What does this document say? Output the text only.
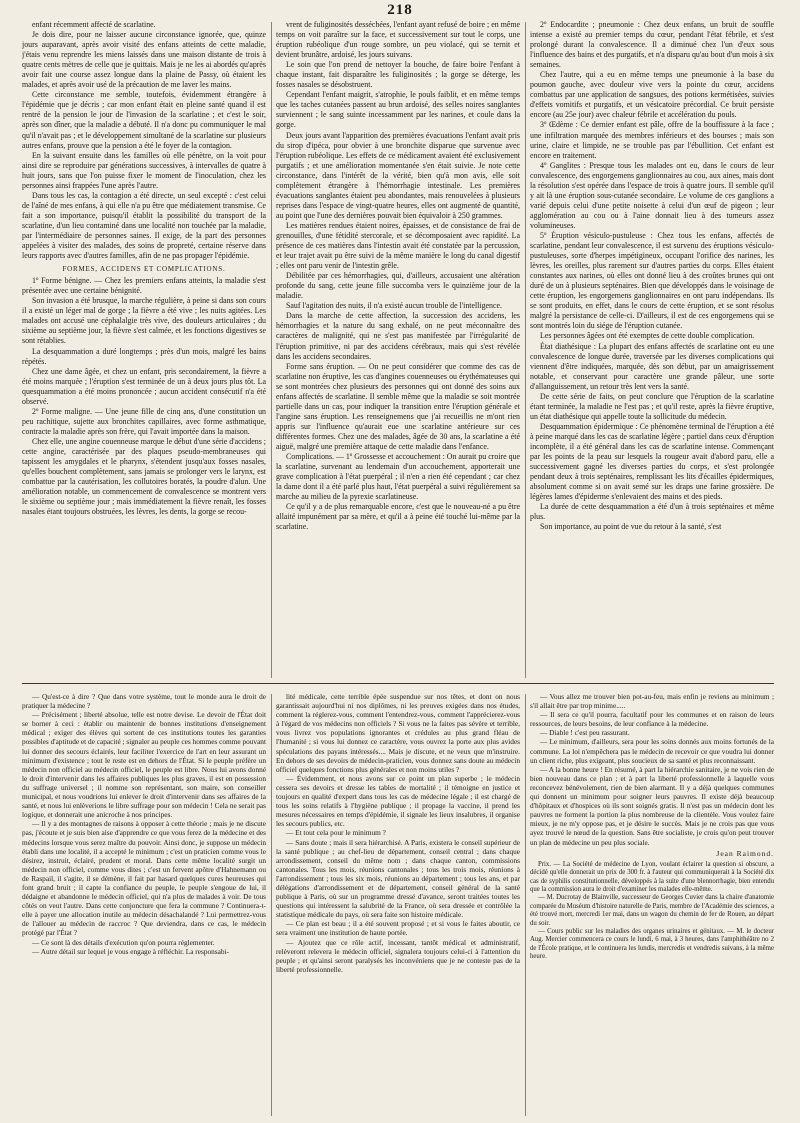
218

enfant récemment affecté de scarlatine.

Je dois dire, pour ne laisser aucune circonstance ignorée, que, quinze jours auparavant, après avoir visité des enfans atteints de cette maladie, j'étais venu reprendre les miens laissés dans une maison distante de trois à quatre cents mètres de celle que je quittais. Mais je ne les ai abordés qu'après avoir fait une course assez longue dans la plaine de Passy, où étaient les malades, et après avoir usé de la précaution de me laver les mains.

Cette circonstance me semble, toutefois, évidemment étrangère à l'épidémie que je décris ; car mon enfant était en pleine santé quand il est rentré de la pension le jour de l'invasion de la scarlatine ; et c'est le soir, après son dîner, que la maladie a débuté. Il n'a donc pu communiquer le mal qu'il n'avait pas ; et le développement simultané de la scarlatine sur plusieurs autres enfans, prouve que la pension a été le foyer de la contagion.

En la suivant ensuite dans les familles où elle pénètre, on la voit pour ainsi dire se reproduire par générations successives, à intervalles de quatre à huit jours, sans que l'on puisse fixer le moment de l'inoculation, chez les personnes ainsi frappées l'une après l'autre.

Dans tous les cas, la contagion a été directe, un seul excepté : c'est celui de l'aîné de mes enfans, à qui elle n'a pu être que médiatement transmise. Ce fait a son importance, puisqu'il établit la possibilité du transport de la scarlatine, d'un lieu contaminé dans une localité non touchée par la maladie, par l'intermédiaire de personnes saines. Il exige, de la part des personnes appelées à visiter des malades, des soins de propreté, certaine réserve dans leurs rapports avec d'autres familles, afin de ne pas propager l'épidémie.

FORMES, ACCIDENS ET COMPLICATIONS.

1º Forme bénigne. — Chez les premiers enfans atteints, la maladie s'est présentée avec une certaine bénignité.

Son invasion a été brusque, la marche régulière, à peine si dans son cours il a existé un léger mal de gorge ; la fièvre a été vive ; les nuits agitées. Les malades ont accusé une céphalalgie très vive, des douleurs articulaires ; du sixième au septième jour, la fièvre s'est calmée, et les fonctions digestives se sont rétablies.

La desquammation a duré longtemps ; près d'un mois, malgré les bains répétés.

Chez une dame âgée, et chez un enfant, pris secondairement, la fièvre a été moins marquée ; l'éruption s'est terminée de un à deux jours plus tôt. La quesquammation a été moins prononcée ; aucun accident consécutif n'a été observé.

2º Forme maligne. — Une jeune fille de cinq ans, d'une constitution un peu rachitique, sujette aux bronchites capillaires, avec forme asthmatique, contracte la maladie après son frère, qui l'avait importée dans la maison.

Chez elle, une angine couenneuse marque le début d'une série d'accidens ; cette angine, caractérisée par des plaques pseudo-membraneuses qui tapissent les amygdales et le pharynx, s'étendent jusqu'aux fosses nasales, qu'elles bouchent complètement, sans jamais se prolonger vers le larynx, est combattue par la cautérisation, les collutoires boratés, la poudre d'alun. Une amélioration notable, un commencement de convalescence se montrent vers le sixième ou septième jour ; mais immédiatement la fièvre renaît, les fosses nasales étant toujours obstruées, les lèvres, les dents, la gorge se recou-

vrent de fuliginosités desséchées, l'enfant ayant refusé de boire ; en même temps on voit paraître sur la face, et successivement sur tout le corps, une éruption rubéolique d'un rouge sombre, un peu violacé, qui se ternit et devient brunâtre, ardoisé, les jours suivans.

Le soin que l'on prend de nettoyer la bouche, de faire boire l'enfant à chaque instant, fait disparaître les fuliginosités ; la gorge se déterge, les fosses nasales se désobstruent.

Cependant l'enfant maigrit, s'atrophie, le pouls faiblit, et en même temps que les taches cutanées passent au brun ardoisé, des selles noires sanglantes surviennent ; le sang suinte incessamment par les narines, et coule dans la gorge.

Deux jours avant l'apparition des premières évacuations l'enfant avait pris du sirop d'ipéca, pour obvier à une bronchite disparue que survenue avec l'éruption rubéolique. Les effets de ce médicament avaient été exclusivement purgatifs ; et une amélioration momentanée s'en était suivie. Je note cette circonstance, dans l'intérêt de la vérité, bien qu'à mon avis, elle soit complètement étrangère à l'hémorrhagie intestinale. Les premières évacuations sanglantes étaient peu abondantes, mais renouvelées à plusieurs reprises dans l'espace de vingt-quatre heures, elles ont augmenté de quantité, au point que l'une des dernières pouvait bien équivaloir à 250 grammes.

Les matières rendues étaient noires, épaisses, et de consistance de frai de grenouilles, d'une fétidité stercorale, et se décomposaient avec rapidité. La présence de ces matières dans l'intestin avait été constatée par la percussion, et leur trajet avait pu être suivi de la même manière le long du canal digestif ; elles ont paru venir de l'intestin grêle.

Débilitée par ces hémorrhagies, qui, d'ailleurs, accusaient une altération profonde du sang, cette jeune fille succomba vers le quinzième jour de la maladie.

Sauf l'agitation des nuits, il n'a existé aucun trouble de l'intelligence.

Dans la marche de cette affection, la succession des accidens, les hémorrhagies et la nature du sang exhalé, on ne peut méconnaître des caractères de malignité, qui ne s'est pas manifestée par l'irrégularité de l'éruption primitive, ni par des accidens cérébraux, mais qui s'est révélée dans les accidens secondaires.

Forme sans éruption. — On ne peut considérer que comme des cas de scarlatine non éruptive, les cas d'angines couenneuses ou érythémateuses qui se sont montrées chez plusieurs des personnes qui ont donné des soins aux enfans affectés de scarlatine. Il semble même que la maladie se soit montrée partielle dans un cas, pour indiquer la transition entre l'éruption générale et l'angine sans éruption. Les renseignemens que j'ai recueillis ne m'ont rien appris sur l'influence qu'aurait eue une scarlatine antérieure sur ces différentes formes. Chez une des malades, âgée de 30 ans, la scarlatine a été aiguë, malgré une première attaque de cette maladie dans l'enfance.

Complications. — 1º Grossesse et accouchement : On aurait pu croire que la scarlatine, survenant au lendemain d'un accouchement, apporterait une grave complication à l'état puerpéral ; il n'en a rien été cependant ; car chez la dame dont il a été parlé plus haut, l'état puerpéral a suivi régulièrement sa marche au milieu de la pyrexie scarlatineuse.

Ce qu'il y a de plus remarquable encore, c'est que le nouveau-né a pu être allaité impunément par sa mère, et qu'il a à peine été touché lui-même par la scarlatine.

2º Endocardite ; pneumonie : Chez deux enfans, un bruit de souffle intense a existé au premier temps du cœur, pendant l'état fébrile, et s'est prolongé durant la convalescence. Il a diminué chez l'un d'eux sous l'influence des bains et des purgatifs, et n'a disparu qu'au bout d'un mois à six semaines.

Chez l'autre, qui a eu en même temps une pneumonie à la base du poumon gauche, avec douleur vive vers la pointe du cœur, accidens combattus par une application de sangsues, des potions kermétisées, suivies d'effets vomitifs et purgatifs, et un vésicatoire précordial. Ce bruit persiste encore (au 25e jour) avec chaleur fébrile et accélération du pouls.

3º Œdème : Ce dernier enfant est pâle, offre de la bouffissure à la face ; une infiltration marquée des membres inférieurs et des bourses ; mais son urine, claire et limpide, ne se trouble pas par l'ébullition. Cet enfant est encore en traitement.

4º Ganglites : Presque tous les malades ont eu, dans le cours de leur convalescence, des engorgemens ganglionnaires au cou, aux aines, mais dont la résolution s'est opérée dans l'espace de trois à quatre jours. Il semble qu'il y ait là une éruption sous-cutanée secondaire. Le volume de ces ganglions a varié depuis celui d'une petite noisette à celui d'un œuf de pigeon ; leur agglomération au cou ou à l'aine donnait lieu à des tumeurs assez volumineuses.

5º Éruption vésiculo-pustuleuse : Chez tous les enfans, affectés de scarlatine, pendant leur convalescence, il est survenu des éruptions vésiculo-pustuleuses, sorte d'herpes impétigineux, occupant l'orifice des narines, les lèvres, les oreilles, plus rarement sur d'autres parties du corps. Elles étaient constantes aux narines, où elles ont donné lieu à des croûtes brunes qui ont duré de un à plusieurs septénaires. Bien que développés dans le voisinage de cette éruption, les engorgemens ganglionnaires en ont paru indépendans. Ils se sont produits, en effet, dans le cours de cette éruption, et se sont résolus malgré la persistance de celle-ci. D'ailleurs, il est de ces engorgemens qui se sont montrés loin du siége de l'éruption cutanée.

Les personnes âgées ont été exemptes de cette double complication.

État diathésique : La plupart des enfans affectés de scarlatine ont eu une convalescence de longue durée, traversée par les diverses complications qui viennent d'être indiquées, marquée, dès son début, par un amaigrissement notable, et conservant pour caractère une grande pâleur, une sorte d'allanguissement, un retour très lent vers la santé.

De cette série de faits, on peut conclure que l'éruption de la scarlatine étant terminée, la maladie ne l'est pas ; et qu'il reste, après la fièvre éruptive, un état diathésique qui appelle toute la sollicitude du médecin.

Desquammation épidermique : Ce phénomène terminal de l'éruption a été à peine marqué dans les cas de scarlatine légère ; partiel dans ceux d'éruption incomplète, il a été général dans les cas de scarlatine intense. Commençant par les points de la peau sur lesquels la rougeur avait d'abord paru, elle a successivement gagné les diverses parties du corps, et s'est prolongée pendant deux à trois septénaires, remplissant les lits d'écailles épidermiques, absolument comme si on avait semé sur les draps une farine grossière. De légères lames d'épiderme s'enlevaient des mains et des pieds.

La durée de cette desquammation a été d'un à trois septénaires et même plus.

Son importance, au point de vue du retour à la santé, s'est

— Qu'est-ce à dire ? Que dans votre système, tout le monde aura le droit de pratiquer la médecine ?

— Précisément ; liberté absolue, telle est notre devise. Le devoir de l'État doit se borner à ceci : établir ou maintenir de bonnes institutions d'enseignement médical ; exiger des élèves qui sortent de ces institutions toutes les garanties possibles d'aptitude et de capacité ; signaler au peuple ces hommes comme pouvant lui donner des secours éclairés, leur faciliter l'exercice de l'art en leur assurant un minimum d'existence ; tout le reste est en dehors de l'État. Si le peuple préfère un médecin non officiel au médecin officiel, le peuple est libre. Nous lui avons donné le droit d'intervenir dans les affaires publiques les plus graves, il est en possession du suffrage universel ; il nomme son représentant, son maire, son conseiller municipal, et nous voudrions lui enlever le droit d'intervenir dans ses affaires de la santé, et nous lui enlèverions le libre suffrage pour son médecin ! Cela ne serait pas logique, et donnerait une anicroche à nos principes.

— Il y a des montagnes de raisons à opposer à cette théorie ; mais je ne discute pas, j'écoute et je suis bien aise d'apprendre ce que vous ferez de la médecine et des médecins lorsque vous serez maître du pouvoir. Ainsi donc, je suppose un médecin établi dans une localité, il a accepté le minimum ; c'est un praticien comme vous le désirez, instruit, éclairé, prudent et moral. Dans cette même localité surgit un médecin non officiel, comme vous dites ; c'est un fervent apôtre d'Hahnemann ou de Raspail, il s'agite, il se démène, il fait par hasard quelques cures heureuses qui font grand bruit ; il capte la confiance du peuple, le peuple s'engoue de lui, il dédaigne et abandonne le médecin officiel, qui n'a plus de malades à voir. De tous côtés on veut l'autre. Dans cette conjoncture que fera la commune ? Continuera-t-elle à payer une allocation inutile au médecin désachalandé ? Lui permettrez-vous de l'allouer au médecin de raccroc ? Que deviendra, dans ce cas, le médecin protégé par l'État ?

— Ce sont là des détails d'exécution qu'on pourra réglementer.

— Autre détail sur lequel je vous engage à réfléchir. La responsabi-

lité médicale, cette terrible épée suspendue sur nos têtes, et dont on nous garantissait aujourd'hui ni nos diplômes, ni les preuves exigées dans nos études, comment la réglerez-vous, comment l'entendrez-vous, comment l'apprécierez-vous à l'égard de vos médecins non officiels ? Si vous ne la faites pas sévère et terrible, vous livrez vos populations ignorantes et crédules au plus grand fléau de l'humanité ; si vous lui donnez ce caractère, vous ouvrez la porte aux plus avides spéculations des payans intéressés.... Mais je discute, et ne veux que m'instruire. En dehors de ses devoirs de médecin-praticien, vous donnez sans doute au médecin officiel quelques fonctions plus générales et non moins utiles ?

— Évidemment, et nous avons sur ce point un plan superbe ; le médecin cessera ses devoirs et dresse les tables de mortalité ; il témoigne en justice et toujours en qualité d'expert dans tous les cas de médecine légale ; il est chargé de tous les soins relatifs à l'hygiène publique ; il propage la vaccine, il prend les mesures nécessaires en temps d'épidémie, il signale les lieux insalubres, il organise les secours publics, etc.

— Et tout cela pour le minimum ?

— Sans doute ; mais il sera hiérarchisé. A Paris, existera le conseil supérieur de la santé publique ; au chef-lieu de département, conseil central ; dans chaque arrondissement, conseil du même nom ; dans chaque canton, commissions cantonales. Tous les mois, réunions cantonales ; tous les trois mois, réunions à l'arrondissement ; tous les six mois, réunions au département ; tous les ans, et par délégations d'arrondissement et de département, conseil général de la santé publique à Paris, où sur un programme dressé d'avance, seront traitées toutes les questions qui intéressent la salubrité de la France, où sera dressée et contrôlée la statistique médicale du pays, où sera faite son histoire médicale.

— Ce plan est beau ; il a été souvent proposé ; et si vous le faites aboutir, ce sera vraiment une institution de haute portée.

— Ajoutez que ce rôle actif, incessant, tantôt médical et administratif, relèveront relevera le médecin officiel, signalera toujours celui-ci à l'attention du peuple ; et qu'ainsi seront paralysés les inconvéniens que je ne conteste pas de la liberté professionnelle.

— Vous allez me trouver bien pot-au-feu, mais enfin je reviens au minimum ; s'il allait être par trop minime.....

— Il sera ce qu'il pourra, facultatif pour les communes et en raison de leurs ressources, de leurs besoins, de leur confiance à la médecine.

— Diable ! c'est peu rassurant.

— Le minimum, d'ailleurs, sera pour les soins donnés aux moins fortunés de la commune. La loi n'empêchera pas le médecin de recevoir ce que voudra lui donner un client riche, plus exigeant, plus soucieux de sa santé et plus reconnaissant.

— A la bonne heure ! En résumé, à part la hiérarchie sanitaire, je ne vois rien de bien nouveau dans ce plan ; et à part la liberté professionnelle à laquelle vous reconcevez bénévolement, rien de bien alarmant. Il y a déjà quelques communes qui donnent un minimum pour soigner leurs pauvres. Il existe déjà beaucoup d'hôpitaux et d'hospices où ils sont soignés gratis. Il n'est pas un médecin dont les pauvres ne forment la portion la plus nombreuse de la clientèle. Vous voulez faire mieux, je ne m'y oppose pas, et je désire le succès. Mais je ne crois pas que vous ayez trouvé le nœud de la question. Sans être socialiste, je crois qu'on peut trouver un plan de médecine un peu plus sociale.

Jean Raimond.

Prix. — La Société de médecine de Lyon, voulant éclairer la question si obscure, a décidé qu'elle donnerait un prix de 300 fr. à l'auteur qui communiquerait à la Société dix cas de syphilis constitutionnelle, développés à la suite d'une blennorrhagie, bien entendu que la commission aura le droit d'examiner les malades elle-même.

— M. Ducrotay de Blainville, successeur de Georges Cuvier dans la chaire d'anatomie comparée du Muséum d'histoire naturelle de Paris, membre de l'Académie des sciences, a été trouvé mort, mercredi 1er mai, dans un wagon du chemin de fer de Rouen, au départ du soir.

— Cours public sur les maladies des organes urinaires et génitaux. — M. le docteur Aug. Mercier commencera ce cours le lundi, 6 mai, à 3 heures, dans l'amphithéâtre no 2 de l'École pratique, et le continuera les lundis, mercredis et vendredis suivans, à la même heure.
